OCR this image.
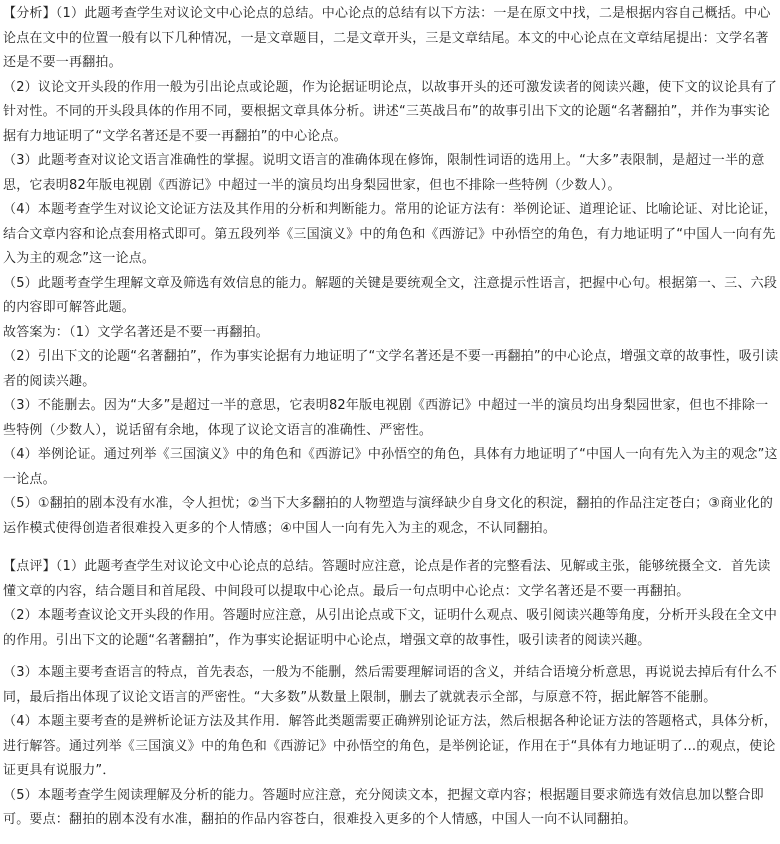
【分析】（1）此题考查学生对议论文中心论点的总结。中心论点的总结有以下方法：一是在原文中找，二是根据内容自己概括。中心论点在文中的位置一般有以下几种情况，一是文章题目，二是文章开头，三是文章结尾。本文的中心论点在文章结尾提出：文学名著还是不要一再翻拍。

（2）议论文开头段的作用一般为引出论点或论题，作为论据证明论点，以故事开头的还可激发读者的阅读兴趣，使下文的议论具有了针对性。不同的开头段具体的作用不同，要根据文章具体分析。讲述“三英战吕布”的故事引出下文的论题“名著翻拍”，并作为事实论据有力地证明了“文学名著还是不要一再翻拍”的中心论点。

（3）此题考查对议论文语言准确性的掌握。说明文语言的准确体现在修饰，限制性词语的选用上。“大多”表限制，是超过一半的意思，它表明82年版电视剧《西游记》中超过一半的演员均出身梨园世家，但也不排除一些特例（少数人）。

（4）本题考查学生对议论文论证方法及其作用的分析和判断能力。常用的论证方法有：举例论证、道理论证、比喻论证、对比论证，结合文章内容和论点套用格式即可。第五段列举《三国演义》中的角色和《西游记》中孙悟空的角色，有力地证明了“中国人一向有先入为主的观念”这一论点。

（5）此题考查学生理解文章及筛选有效信息的能力。解题的关键是要统观全文，注意提示性语言，把握中心句。根据第一、三、六段的内容即可解答此题。

故答案为：（1）文学名著还是不要一再翻拍。

（2）引出下文的论题“名著翻拍”，作为事实论据有力地证明了“文学名著还是不要一再翻拍”的中心论点，增强文章的故事性，吸引读者的阅读兴趣。

（3）不能删去。因为“大多”是超过一半的意思，它表明82年版电视剧《西游记》中超过一半的演员均出身梨园世家，但也不排除一些特例（少数人），说话留有余地，体现了议论文语言的准确性、严密性。

（4）举例论证。通过列举《三国演义》中的角色和《西游记》中孙悟空的角色，具体有力地证明了“中国人一向有先入为主的观念”这一论点。

（5）①翻拍的剧本没有水准，令人担忧；②当下大多翻拍的人物塑造与演绎缺少自身文化的积淀，翻拍的作品注定苍白；③商业化的运作模式使得创造者很难投入更多的个人情感；④中国人一向有先入为主的观念，不认同翻拍。

【点评】（1）此题考查学生对议论文中心论点的总结。答题时应注意，论点是作者的完整看法、见解或主张，能够统摄全文．首先读懂文章的内容，结合题目和首尾段、中间段可以提取中心论点。最后一句点明中心论点：文学名著还是不要一再翻拍。

（2）本题考查议论文开头段的作用。答题时应注意，从引出论点或下文，证明什么观点、吸引阅读兴趣等角度，分析开头段在全文中的作用。引出下文的论题“名著翻拍”，作为事实论据证明中心论点，增强文章的故事性，吸引读者的阅读兴趣。

（3）本题主要考查语言的特点，首先表态，一般为不能删，然后需要理解词语的含义，并结合语境分析意思，再说说去掉后有什么不同，最后指出体现了议论文语言的严密性。“大多数”从数量上限制，删去了就就表示全部，与原意不符，据此解答不能删。

（4）本题主要考查的是辨析论证方法及其作用．解答此类题需要正确辨别论证方法，然后根据各种论证方法的答题格式，具体分析，进行解答。通过列举《三国演义》中的角色和《西游记》中孙悟空的角色，是举例论证，作用在于“具体有力地证明了…的观点，使论证更具有说服力”．

（5）本题考查学生阅读理解及分析的能力。答题时应注意，充分阅读文本，把握文章内容；根据题目要求筛选有效信息加以整合即可。要点：翻拍的剧本没有水准，翻拍的作品内容苍白，很难投入更多的个人情感，中国人一向不认同翻拍。
